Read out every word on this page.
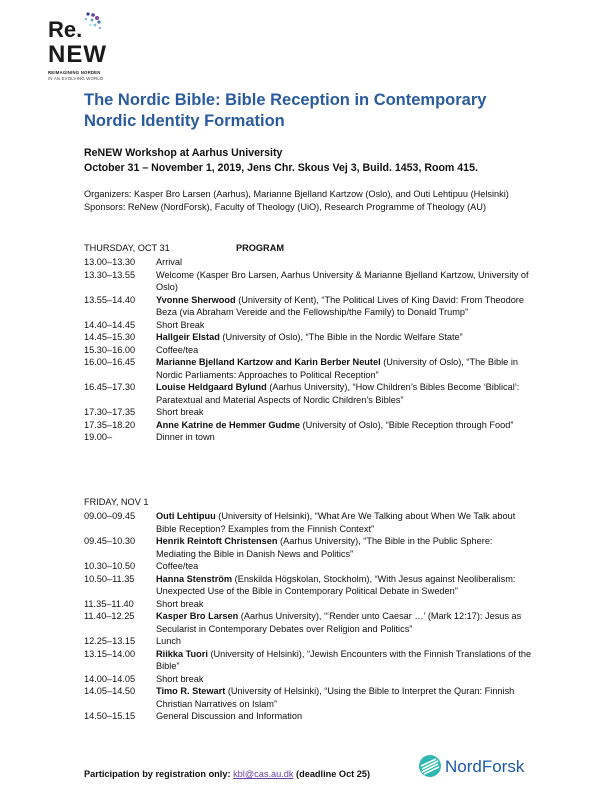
Re.
NEW
REIMAGINING NORDEN
IN AN EVOLVING WORLD
The Nordic Bible: Bible Reception in Contemporary Nordic Identity Formation
ReNEW Workshop at Aarhus University
October 31 – November 1, 2019, Jens Chr. Skous Vej 3, Build. 1453, Room 415.

Organizers: Kasper Bro Larsen (Aarhus), Marianne Bjelland Kartzow (Oslo), and Outi Lehtipuu (Helsinki)

Sponsors: ReNew (NordForsk), Faculty of Theology (UiO), Research Programme of Theology (AU)

THURSDAY, OCT 31	PROGRAM
13.00–13.30	Arrival
13.30–13.55	Welcome (Kasper Bro Larsen, Aarhus University & Marianne Bjelland Kartzow, University of Oslo)
13.55–14.40	Yvonne Sherwood (University of Kent), “The Political Lives of King David: From Theodore Beza (via Abraham Vereide and the Fellowship/the Family) to Donald Trump”
14.40–14.45	Short Break
14.45–15.30	Hallgeir Elstad (University of Oslo), “The Bible in the Nordic Welfare State”
15.30–16.00	Coffee/tea
16.00–16.45	Marianne Bjelland Kartzow and Karin Berber Neutel (University of Oslo), “The Bible in Nordic Parliaments: Approaches to Political Reception”
16.45–17.30	Louise Heldgaard Bylund (Aarhus University), “How Children’s Bibles Become ‘Biblical’: Paratextual and Material Aspects of Nordic Children’s Bibles”
17.30–17.35	Short break
17.35–18.20	Anne Katrine de Hemmer Gudme (University of Oslo), “Bible Reception through Food”
19.00–	Dinner in town
FRIDAY, NOV 1
09.00–09.45	Outi Lehtipuu (University of Helsinki), “What Are We Talking about When We Talk about Bible Reception? Examples from the Finnish Context”
09.45–10.30	Henrik Reintoft Christensen (Aarhus University), “The Bible in the Public Sphere: Mediating the Bible in Danish News and Politics”
10.30–10.50	Coffee/tea
10.50–11.35	Hanna Stenström (Enskilda Högskolan, Stockholm), “With Jesus against Neoliberalism: Unexpected Use of the Bible in Contemporary Political Debate in Sweden”
11.35–11.40	Short break
11.40–12.25	Kasper Bro Larsen (Aarhus University), “‘Render unto Caesar …’ (Mark 12:17): Jesus as Secularist in Contemporary Debates over Religion and Politics”
12.25–13.15	Lunch
13.15–14.00	Riikka Tuori (University of Helsinki), “Jewish Encounters with the Finnish Translations of the Bible”
14.00–14.05	Short break
14.05–14.50	Timo R. Stewart (University of Helsinki), “Using the Bible to Interpret the Quran: Finnish Christian Narratives on Islam”
14.50–15.15	General Discussion and Information
Participation by registration only: kbl@cas.au.dk (deadline Oct 25)	NordForsk
